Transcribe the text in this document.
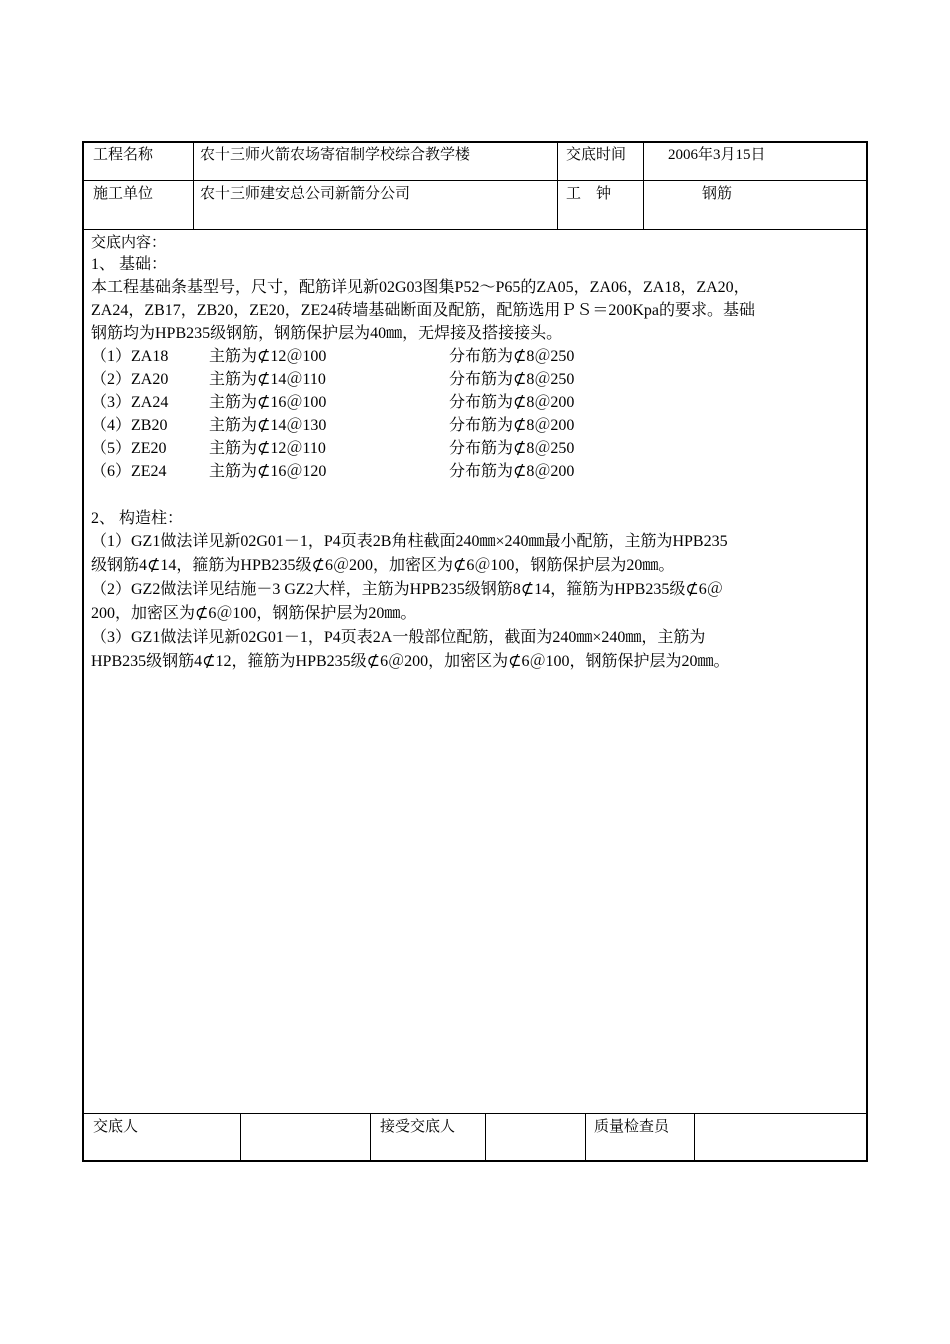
工程名称	农十三师火箭农场寄宿制学校综合教学楼	交底时间	2006年3月15日
施工单位	农十三师建安总公司新箭分公司	工　钟	钢筋
交底内容：
1、 基础：
本工程基础条基型号，尺寸，配筋详见新02G03图集P52～P65的ZA05，ZA06，ZA18，ZA20，
ZA24，ZB17，ZB20，ZE20，ZE24砖墙基础断面及配筋，配筋选用ＰＳ＝200Kpa的要求。基础
钢筋均为HPB235级钢筋，钢筋保护层为40㎜，无焊接及搭接接头。
（1）ZA18	主筋为⊄12＠100	分布筋为⊄8＠250
（2）ZA20	主筋为⊄14＠110	分布筋为⊄8＠250
（3）ZA24	主筋为⊄16＠100	分布筋为⊄8＠200
（4）ZB20	主筋为⊄14＠130	分布筋为⊄8＠200
（5）ZE20	主筋为⊄12＠110	分布筋为⊄8＠250
（6）ZE24	主筋为⊄16＠120	分布筋为⊄8＠200
2、 构造柱：
（1）GZ1做法详见新02G01－1，P4页表2B角柱截面240㎜×240㎜最小配筋，主筋为HPB235
级钢筋4⊄14，箍筋为HPB235级⊄6＠200，加密区为⊄6＠100，钢筋保护层为20㎜。
（2）GZ2做法详见结施－3 GZ2大样，主筋为HPB235级钢筋8⊄14，箍筋为HPB235级⊄6＠
200，加密区为⊄6＠100，钢筋保护层为20㎜。
（3）GZ1做法详见新02G01－1，P4页表2A一般部位配筋，截面为240㎜×240㎜，主筋为
HPB235级钢筋4⊄12，箍筋为HPB235级⊄6＠200，加密区为⊄6＠100，钢筋保护层为20㎜。
交底人	接受交底人	质量检查员
